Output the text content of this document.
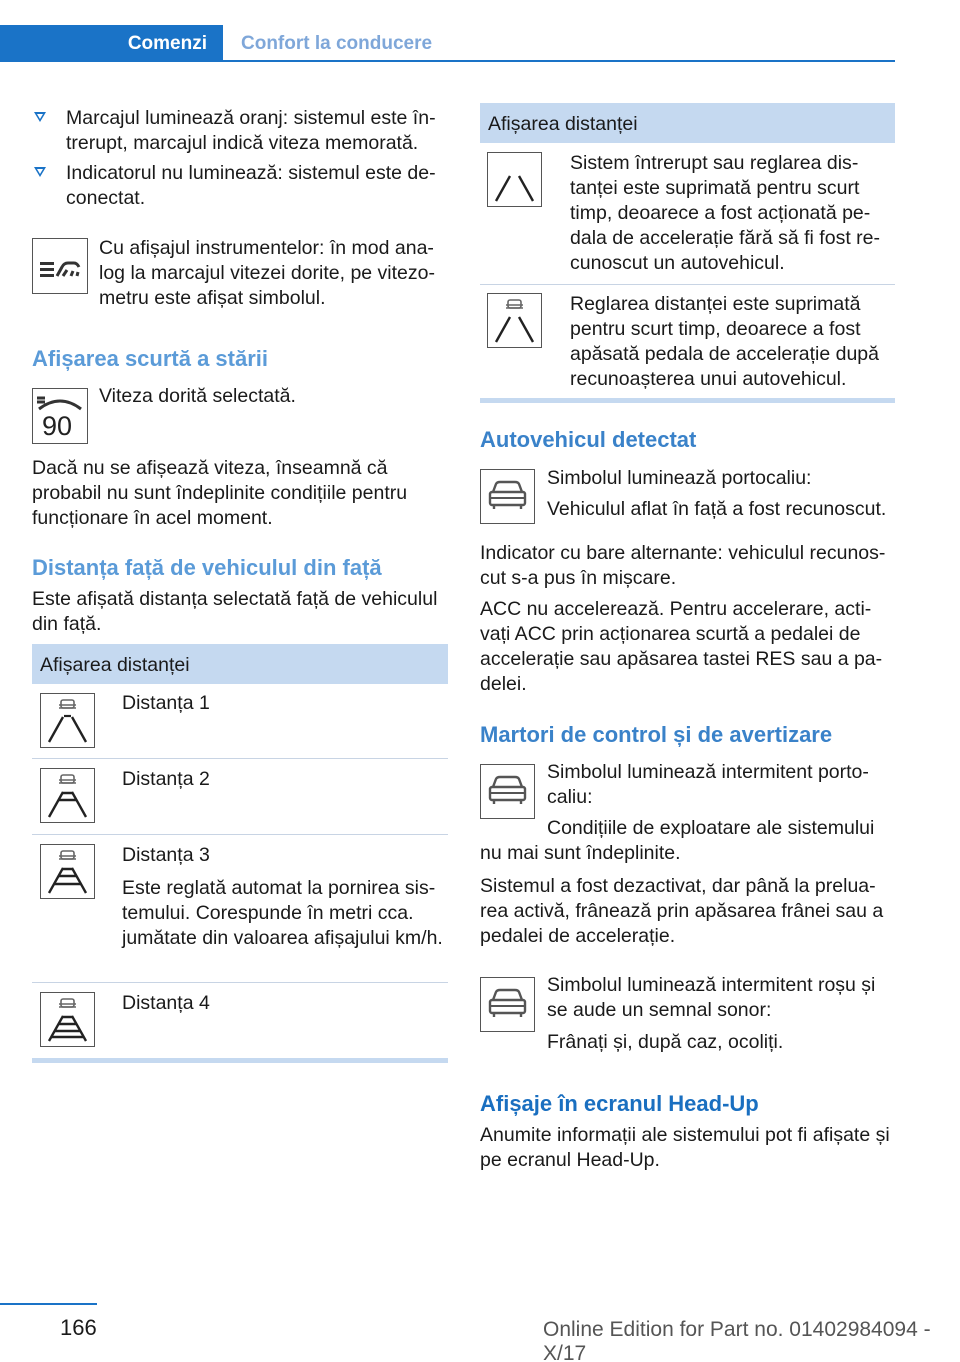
Comenzi Confort la conducere
Marcajul luminează oranj: sistemul este întrerupt, marcajul indică viteza memorată.
Indicatorul nu luminează: sistemul este deconectat.

Cu afișajul instrumentelor: în mod analog la marcajul vitezei dorite, pe vitezometru este afișat simbolul.

Afișarea scurtă a stării
90

Viteza dorită selectată.

Dacă nu se afișează viteza, înseamnă că probabil nu sunt îndeplinite condițiile pentru funcționare în acel moment.

Distanța față de vehiculul din față

Este afișată distanța selectată față de vehiculul din față.

Afișarea distanței

Distanța 1

Distanța 2

Distanța 3

Este reglată automat la pornirea sistemului. Corespunde în metri cca. jumătate din valoarea afișajului km/h.

Distanța 4

Afișarea distanței

Sistem întrerupt sau reglarea distanței este suprimată pentru scurt timp, deoarece a fost acționată pedala de accelerație fără să fi fost recunoscut un autovehicul.

Reglarea distanței este suprimată pentru scurt timp, deoarece a fost apăsată pedala de accelerație după recunoașterea unui autovehicul.

Autovehicul detectat

Simbolul luminează portocaliu:

Vehiculul aflat în față a fost recunoscut.

Indicator cu bare alternante: vehiculul recunoscut s-a pus în mișcare.

ACC nu accelerează. Pentru accelerare, activați ACC prin acționarea scurtă a pedalei de accelerație sau apăsarea tastei RES sau a padelei.

Martori de control și de avertizare

Simbolul luminează intermitent portocaliu:

Condițiile de exploatare ale sistemului nu mai sunt îndeplinite.

Sistemul a fost dezactivat, dar până la preluarea activă, frânează prin apăsarea frânei sau a pedalei de accelerație.

Simbolul luminează intermitent roșu și se aude un semnal sonor:

Frânați și, după caz, ocoliți.

Afișaje în ecranul Head-Up

Anumite informații ale sistemului pot fi afișate și pe ecranul Head-Up.

166	Online Edition for Part no. 01402984094 - X/17
